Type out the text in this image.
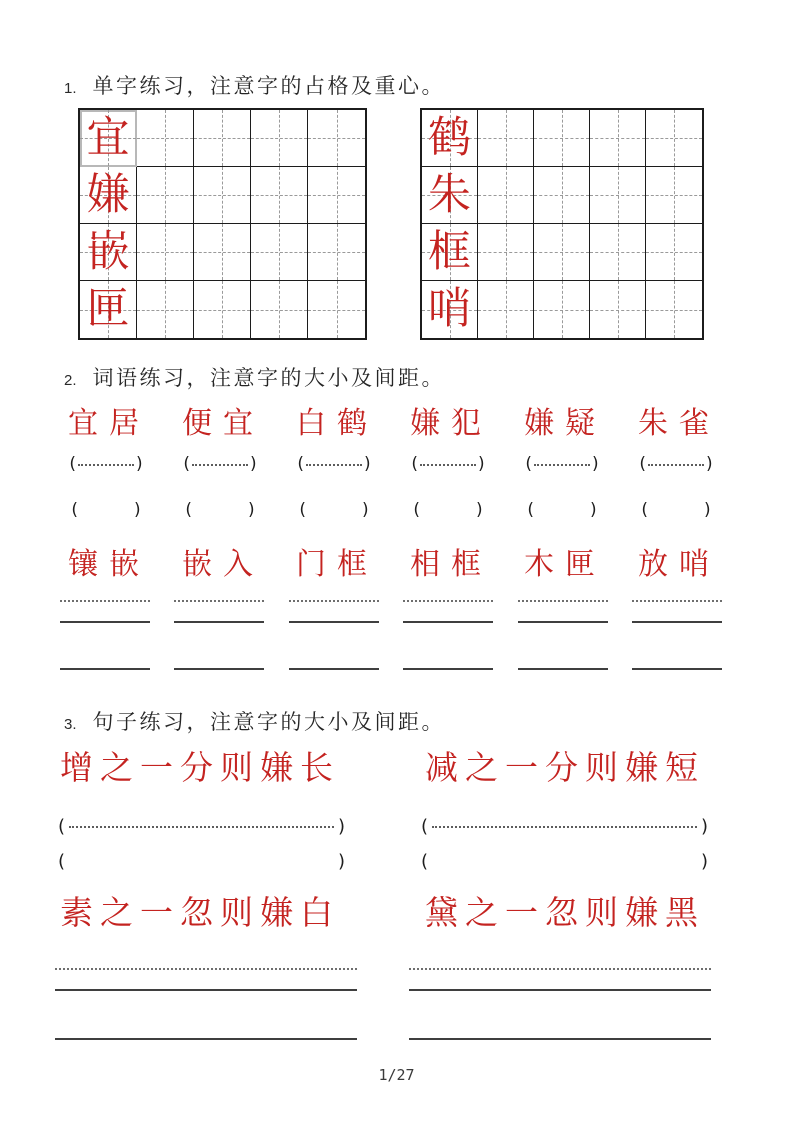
1. 单字练习，注意字的占格及重心。
宜
嫌
嵌
匣
鹤
朱
框
哨
2. 词语练习，注意字的大小及间距。
宜居 便宜 白鹤 嫌犯 嫌疑 朱雀
(	) (	) (	) (	) (	) (	)
(	)	(	)	(	)	(	)	(	)	(	)
镶嵌 嵌入 门框 相框 木匣 放哨
3. 句子练习，注意字的大小及间距。
增之一分则嫌长	减之一分则嫌短
(	)	(	)
(	)	(	)
素之一忽则嫌白	黛之一忽则嫌黑
1/27
